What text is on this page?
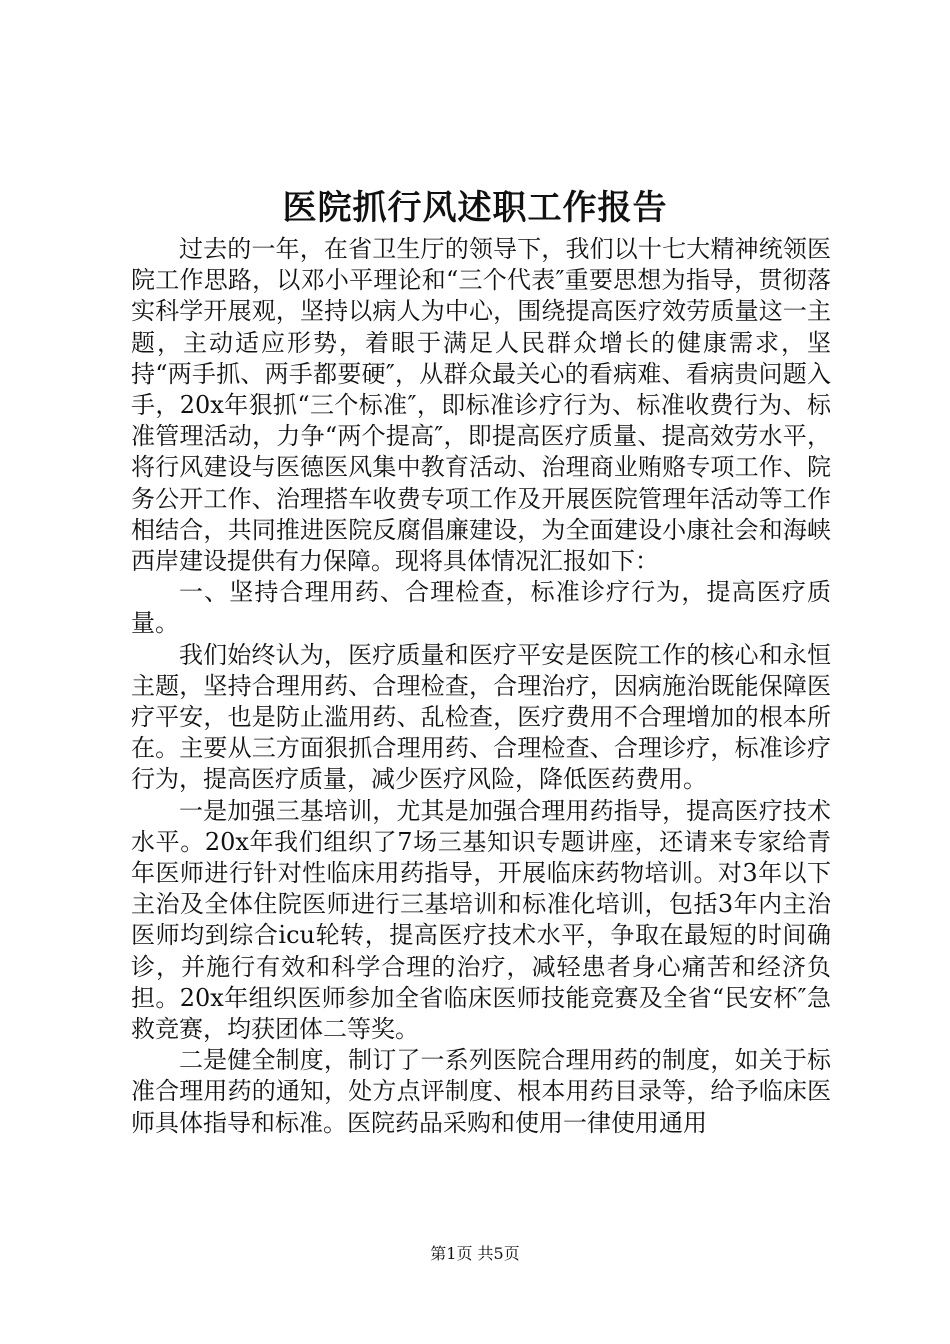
医院抓行风述职工作报告

过去的一年，在省卫生厅的领导下，我们以十七大精神统领医院工作思路，以邓小平理论和“三个代表″重要思想为指导，贯彻落实科学开展观，坚持以病人为中心，围绕提高医疗效劳质量这一主题，主动适应形势，着眼于满足人民群众增长的健康需求，坚持“两手抓、两手都要硬″，从群众最关心的看病难、看病贵问题入手，20x年狠抓“三个标准″，即标准诊疗行为、标准收费行为、标准管理活动，力争“两个提高″，即提高医疗质量、提高效劳水平，将行风建设与医德医风集中教育活动、治理商业贿赂专项工作、院务公开工作、治理搭车收费专项工作及开展医院管理年活动等工作相结合，共同推进医院反腐倡廉建设，为全面建设小康社会和海峡西岸建设提供有力保障。现将具体情况汇报如下：

一、坚持合理用药、合理检查，标准诊疗行为，提高医疗质量。

我们始终认为，医疗质量和医疗平安是医院工作的核心和永恒主题，坚持合理用药、合理检查，合理治疗，因病施治既能保障医疗平安，也是防止滥用药、乱检查，医疗费用不合理增加的根本所在。主要从三方面狠抓合理用药、合理检查、合理诊疗，标准诊疗行为，提高医疗质量，减少医疗风险，降低医药费用。

一是加强三基培训，尤其是加强合理用药指导，提高医疗技术水平。20x年我们组织了7场三基知识专题讲座，还请来专家给青年医师进行针对性临床用药指导，开展临床药物培训。对3年以下主治及全体住院医师进行三基培训和标准化培训，包括3年内主治医师均到综合icu轮转，提高医疗技术水平，争取在最短的时间确诊，并施行有效和科学合理的治疗，减轻患者身心痛苦和经济负担。20x年组织医师参加全省临床医师技能竞赛及全省“民安杯″急救竞赛，均获团体二等奖。

二是健全制度，制订了一系列医院合理用药的制度，如关于标准合理用药的通知，处方点评制度、根本用药目录等，给予临床医师具体指导和标准。医院药品采购和使用一律使用通用

第1页 共5页
